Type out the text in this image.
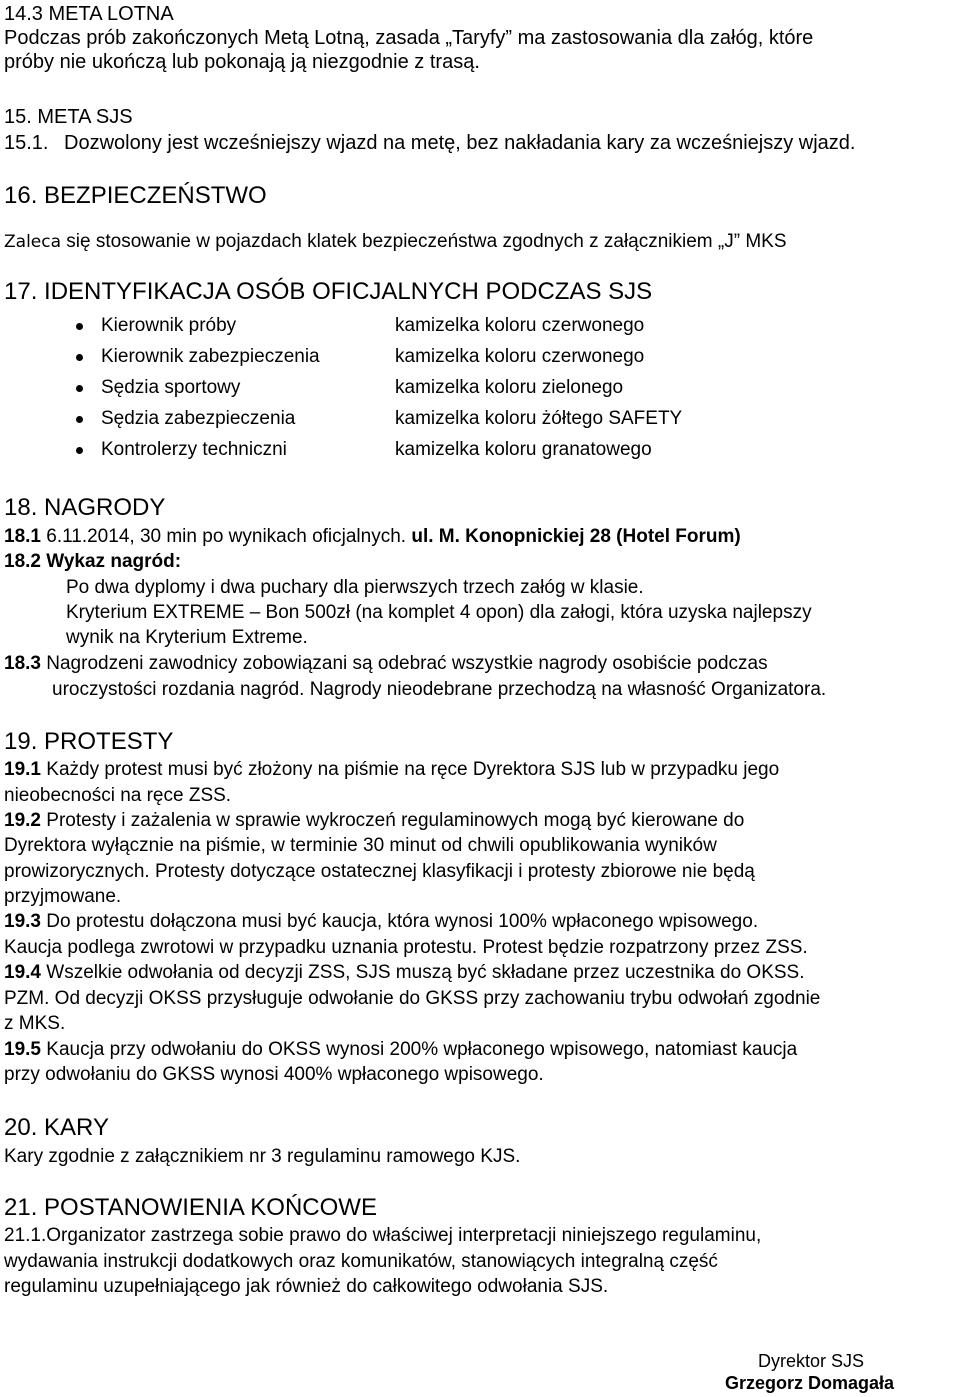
14.3 META LOTNA
Podczas prób zakończonych Metą Lotną, zasada „Taryfy” ma zastosowania dla załóg, które
próby nie ukończą lub pokonają ją niezgodnie z trasą.
15. META SJS
15.1. Dozwolony jest wcześniejszy wjazd na metę, bez nakładania kary za wcześniejszy wjazd.
16. BEZPIECZEŃSTWO
Zaleca się stosowanie w pojazdach klatek bezpieczeństwa zgodnych z załącznikiem „J” MKS
17. IDENTYFIKACJA OSÓB OFICJALNYCH PODCZAS SJS
Kierownik próby	kamizelka koloru czerwonego
Kierownik zabezpieczenia	kamizelka koloru czerwonego
Sędzia sportowy	kamizelka koloru zielonego
Sędzia zabezpieczenia	kamizelka koloru żółtego SAFETY
Kontrolerzy techniczni	kamizelka koloru granatowego
18. NAGRODY
18.1 6.11.2014, 30 min po wynikach oficjalnych. ul. M. Konopnickiej 28 (Hotel Forum)
18.2 Wykaz nagród:
Po dwa dyplomy i dwa puchary dla pierwszych trzech załóg w klasie.
Kryterium EXTREME – Bon 500zł (na komplet 4 opon) dla załogi, która uzyska najlepszy
wynik na Kryterium Extreme.
18.3 Nagrodzeni zawodnicy zobowiązani są odebrać wszystkie nagrody osobiście podczas
uroczystości rozdania nagród. Nagrody nieodebrane przechodzą na własność Organizatora.
19. PROTESTY
19.1 Każdy protest musi być złożony na piśmie na ręce Dyrektora SJS lub w przypadku jego
nieobecności na ręce ZSS.
19.2 Protesty i zażalenia w sprawie wykroczeń regulaminowych mogą być kierowane do
Dyrektora wyłącznie na piśmie, w terminie 30 minut od chwili opublikowania wyników
prowizorycznych. Protesty dotyczące ostatecznej klasyfikacji i protesty zbiorowe nie będą
przyjmowane.
19.3 Do protestu dołączona musi być kaucja, która wynosi 100% wpłaconego wpisowego.
Kaucja podlega zwrotowi w przypadku uznania protestu. Protest będzie rozpatrzony przez ZSS.
19.4 Wszelkie odwołania od decyzji ZSS, SJS muszą być składane przez uczestnika do OKSS.
PZM. Od decyzji OKSS przysługuje odwołanie do GKSS przy zachowaniu trybu odwołań zgodnie
z MKS.
19.5 Kaucja przy odwołaniu do OKSS wynosi 200% wpłaconego wpisowego, natomiast kaucja
przy odwołaniu do GKSS wynosi 400% wpłaconego wpisowego.
20. KARY
Kary zgodnie z załącznikiem nr 3 regulaminu ramowego KJS.
21. POSTANOWIENIA KOŃCOWE
21.1.Organizator zastrzega sobie prawo do właściwej interpretacji niniejszego regulaminu,
wydawania instrukcji dodatkowych oraz komunikatów, stanowiących integralną część
regulaminu uzupełniającego jak również do całkowitego odwołania SJS.
Dyrektor SJS
Grzegorz Domagała
